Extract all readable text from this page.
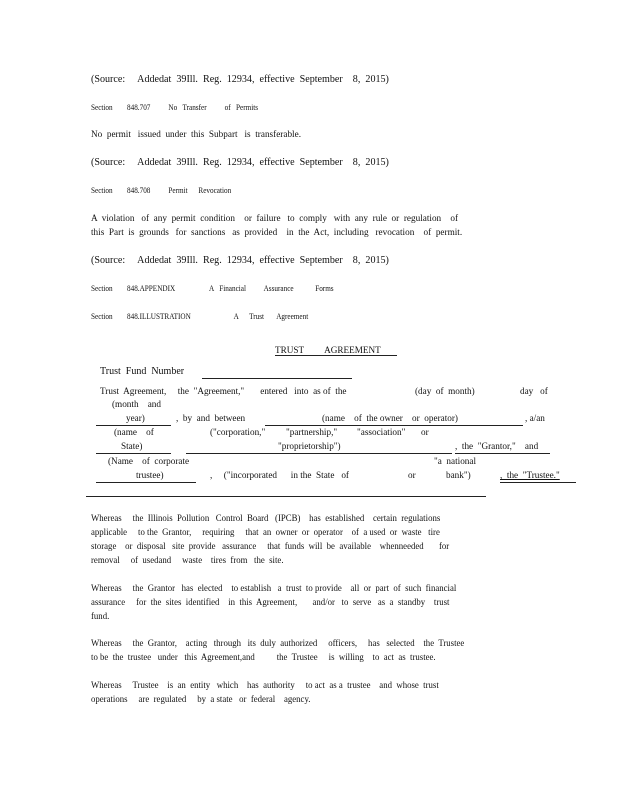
(Source:     Addedat  39Ill.  Reg.  12934,  effective  September    8,  2015)
Section        848.707          No   Transfer          of   Permits
No  permit   issued  under  this  Subpart   is  transferable.
(Source:     Addedat  39Ill.  Reg.  12934,  effective  September    8,  2015)
Section        848.708          Permit      Revocation
A  violation   of  any  permit  condition    or  failure   to  comply   with  any  rule  or  regulation    of
this  Part  is  grounds   for  sanctions   as  provided    in  the  Act,  including   revocation    of  permit.
(Source:     Addedat  39Ill.  Reg.  12934,  effective  September    8,  2015)
Section        848.APPENDIX                   A   Financial          Assurance            Forms
Section        848.ILLUSTRATION                        A      Trust       Agreement
TRUST         AGREEMENT
Trust  Fund  Number
Trust  Agreement,     the  "Agreement,"       entered   into  as of  the	(day  of  month)	day   of
(month    and
year)	,  by  and  between	(name    of  the owner    or  operator)	, a/an
(name    of	("corporation," "partnership," "association" or
State)	"proprietorship")	,  the  "Grantor,"    and
(Name    of  corporate	"a  national
trustee)	,     ("incorporated      in the  State   of	or	bank")	,  the  "Trustee."
Whereas     the  Illinois  Pollution   Control  Board   (IPCB)    has  established    certain  regulations
applicable     to the  Grantor,     requiring     that  an  owner  or  operator    of  a used  or  waste   tire
storage    or  disposal   site  provide   assurance     that  funds  will  be  available    whenneeded       for
removal     of  usedand     waste    tires  from   the  site.
Whereas     the  Grantor   has  elected    to establish   a  trust  to provide    all  or  part  of  such  financial
assurance     for  the  sites  identified    in  this  Agreement,       and/or   to  serve   as  a  standby    trust
fund.
Whereas     the  Grantor,    acting   through   its  duly  authorized     officers,     has   selected    the  Trustee
to be  the  trustee   under   this  Agreement,and          the  Trustee     is  willing    to  act  as  trustee.
Whereas     Trustee    is  an  entity   which    has  authority     to act  as a  trustee    and  whose  trust
operations     are  regulated     by  a state   or  federal    agency.
